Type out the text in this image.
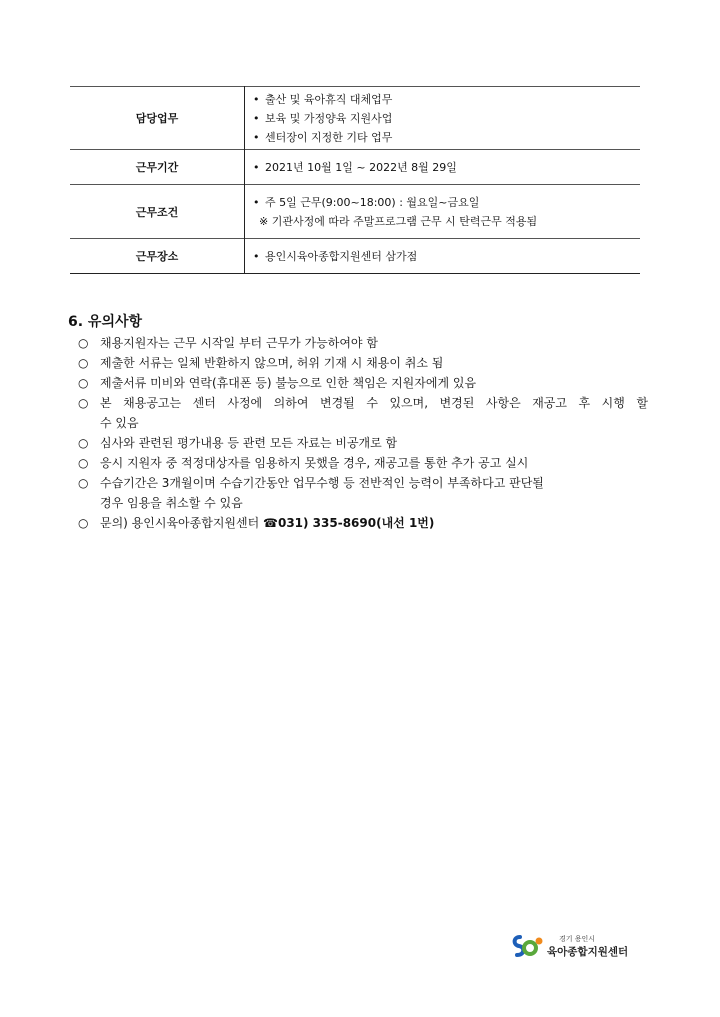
담당업무	• 출산 및 육아휴직 대체업무
• 보육 및 가정양육 지원사업
• 센터장이 지정한 기타 업무

근무기간	• 2021년 10월 1일 ~ 2022년 8월 29일

근무조건	• 주 5일 근무(9:00~18:00) : 월요일~금요일
※ 기관사정에 따라 주말프로그램 근무 시 탄력근무 적용됨

근무장소	• 용인시육아종합지원센터 삼가점
6. 유의사항
○ 채용지원자는 근무 시작일 부터 근무가 가능하여야 함
○ 제출한 서류는 일체 반환하지 않으며, 허위 기재 시 채용이 취소 됨
○ 제출서류 미비와 연락(휴대폰 등) 불능으로 인한 책임은 지원자에게 있음
○ 본 채용공고는 센터 사정에 의하여 변경될 수 있으며, 변경된 사항은 재공고 후 시행 할
수 있음
○ 심사와 관련된 평가내용 등 관련 모든 자료는 비공개로 함
○ 응시 지원자 중 적정대상자를 임용하지 못했을 경우, 재공고를 통한 추가 공고 실시
○ 수습기간은 3개월이며 수습기간동안 업무수행 등 전반적인 능력이 부족하다고 판단될
경우 임용을 취소할 수 있음
○ 문의) 용인시육아종합지원센터 ☎031) 335-8690(내선 1번)
경기 용인시
육아종합지원센터
